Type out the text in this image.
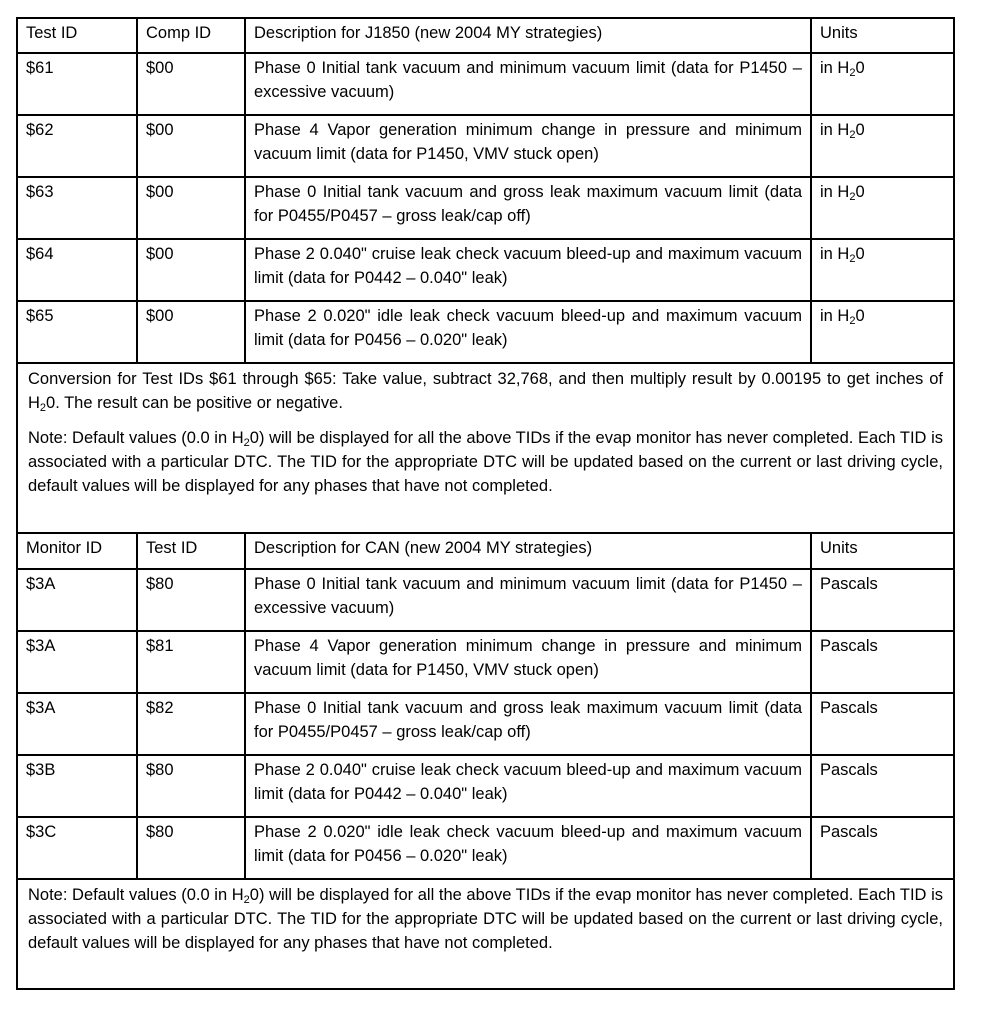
Test ID	Comp ID	Description for J1850 (new 2004 MY strategies)	Units
$61	$00	Phase 0 Initial tank vacuum and minimum vacuum limit (data for P1450 – excessive vacuum)	in $H_20$
$62	$00	Phase 4 Vapor generation minimum change in pressure and minimum vacuum limit (data for P1450, VMV stuck open)	in $H_20$
$63	$00	Phase 0 Initial tank vacuum and gross leak maximum vacuum limit (data for P0455/P0457 – gross leak/cap off)	in $H_20$
$64	$00	Phase 2 0.040" cruise leak check vacuum bleed-up and maximum vacuum limit (data for P0442 – 0.040" leak)	in $H_20$
$65	$00	Phase 2 0.020" idle leak check vacuum bleed-up and maximum vacuum limit (data for P0456 – 0.020" leak)	in $H_20$

Conversion for Test IDs $61 through $65: Take value, subtract 32,768, and then multiply result by 0.00195 to get inches of $H_20$. The result can be positive or negative.

Note: Default values (0.0 in $H_20$) will be displayed for all the above TIDs if the evap monitor has never completed. Each TID is associated with a particular DTC. The TID for the appropriate DTC will be updated based on the current or last driving cycle, default values will be displayed for any phases that have not completed.			

Monitor ID	Test ID	Description for CAN (new 2004 MY strategies)	Units
$3A	$80	Phase 0 Initial tank vacuum and minimum vacuum limit (data for P1450 – excessive vacuum)	Pascals
$3A	$81	Phase 4 Vapor generation minimum change in pressure and minimum vacuum limit (data for P1450, VMV stuck open)	Pascals
$3A	$82	Phase 0 Initial tank vacuum and gross leak maximum vacuum limit (data for P0455/P0457 – gross leak/cap off)	Pascals
$3B	$80	Phase 2 0.040" cruise leak check vacuum bleed-up and maximum vacuum limit (data for P0442 – 0.040" leak)	Pascals
$3C	$80	Phase 2 0.020" idle leak check vacuum bleed-up and maximum vacuum limit (data for P0456 – 0.020" leak)	Pascals

Note: Default values (0.0 in $H_20$) will be displayed for all the above TIDs if the evap monitor has never completed. Each TID is associated with a particular DTC. The TID for the appropriate DTC will be updated based on the current or last driving cycle, default values will be displayed for any phases that have not completed.			
